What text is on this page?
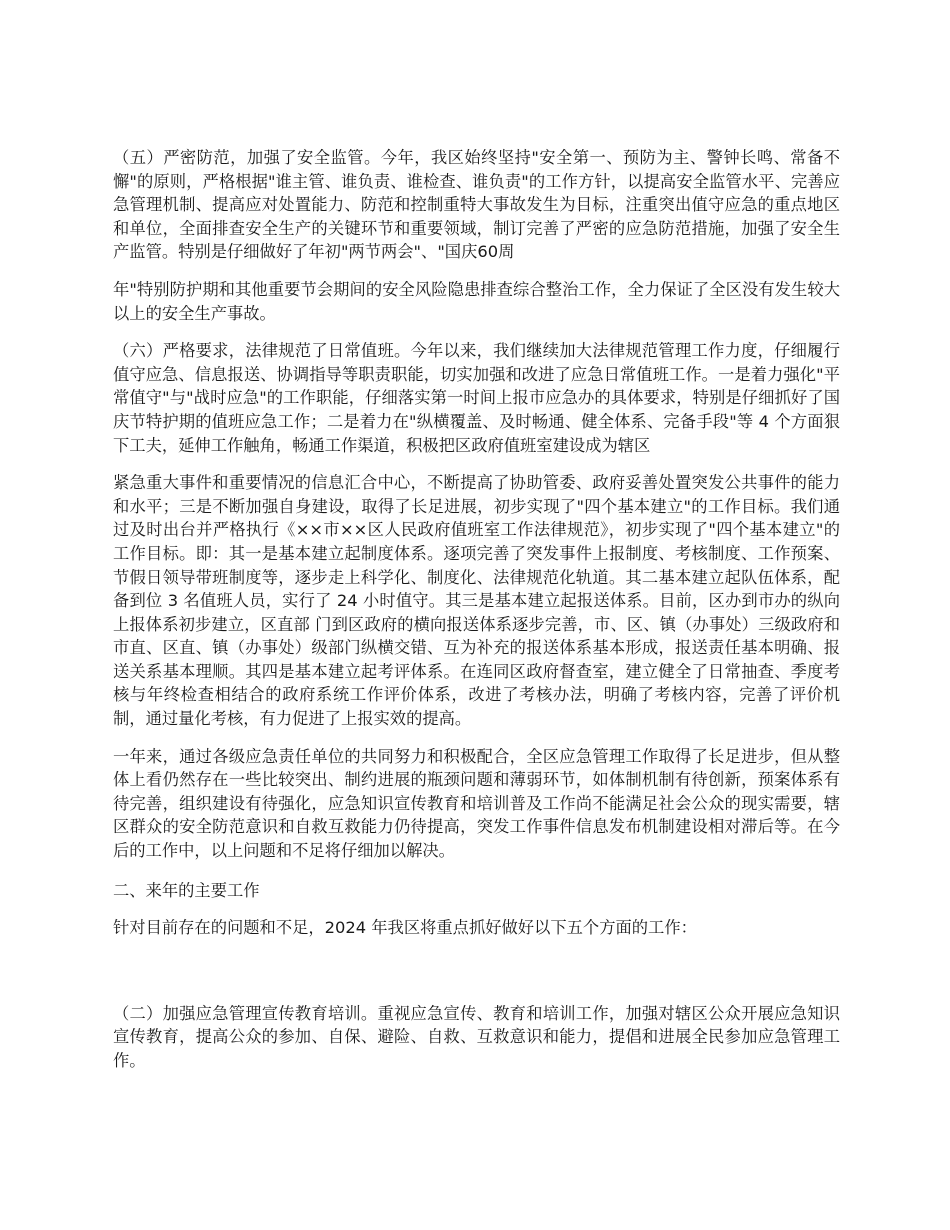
（五）严密防范，加强了安全监管。今年，我区始终坚持"安全第一、预防为主、警钟长鸣、常备不懈"的原则，严格根据"谁主管、谁负责、谁检查、谁负责"的工作方针，以提高安全监管水平、完善应急管理机制、提高应对处置能力、防范和控制重特大事故发生为目标，注重突出值守应急的重点地区和单位，全面排查安全生产的关键环节和重要领域，制订完善了严密的应急防范措施，加强了安全生产监管。特别是仔细做好了年初"两节两会"、"国庆60周

年"特别防护期和其他重要节会期间的安全风险隐患排查综合整治工作，全力保证了全区没有发生较大以上的安全生产事故。

（六）严格要求，法律规范了日常值班。今年以来，我们继续加大法律规范管理工作力度，仔细履行值守应急、信息报送、协调指导等职责职能，切实加强和改进了应急日常值班工作。一是着力强化"平常值守"与"战时应急"的工作职能，仔细落实第一时间上报市应急办的具体要求，特别是仔细抓好了国庆节特护期的值班应急工作；二是着力在"纵横覆盖、及时畅通、健全体系、完备手段"等 4 个方面狠下工夫，延伸工作触角，畅通工作渠道，积极把区政府值班室建设成为辖区

紧急重大事件和重要情况的信息汇合中心，不断提高了协助管委、政府妥善处置突发公共事件的能力和水平；三是不断加强自身建设，取得了长足进展，初步实现了"四个基本建立"的工作目标。我们通过及时出台并严格执行《××市××区人民政府值班室工作法律规范》，初步实现了"四个基本建立"的工作目标。即：其一是基本建立起制度体系。逐项完善了突发事件上报制度、考核制度、工作预案、节假日领导带班制度等，逐步走上科学化、制度化、法律规范化轨道。其二基本建立起队伍体系，配备到位 3 名值班人员，实行了 24 小时值守。其三是基本建立起报送体系。目前，区办到市办的纵向上报体系初步建立，区直部 门到区政府的横向报送体系逐步完善，市、区、镇（办事处）三级政府和市直、区直、镇（办事处）级部门纵横交错、互为补充的报送体系基本形成，报送责任基本明确、报送关系基本理顺。其四是基本建立起考评体系。在连同区政府督查室，建立健全了日常抽查、季度考核与年终检查相结合的政府系统工作评价体系，改进了考核办法，明确了考核内容，完善了评价机制，通过量化考核，有力促进了上报实效的提高。

一年来，通过各级应急责任单位的共同努力和积极配合，全区应急管理工作取得了长足进步，但从整体上看仍然存在一些比较突出、制约进展的瓶颈问题和薄弱环节，如体制机制有待创新，预案体系有待完善，组织建设有待强化，应急知识宣传教育和培训普及工作尚不能满足社会公众的现实需要，辖区群众的安全防范意识和自救互救能力仍待提高，突发工作事件信息发布机制建设相对滞后等。在今后的工作中，以上问题和不足将仔细加以解决。

二、来年的主要工作

针对目前存在的问题和不足，2024 年我区将重点抓好做好以下五个方面的工作：

（二）加强应急管理宣传教育培训。重视应急宣传、教育和培训工作，加强对辖区公众开展应急知识宣传教育，提高公众的参加、自保、避险、自救、互救意识和能力，提倡和进展全民参加应急管理工作。
